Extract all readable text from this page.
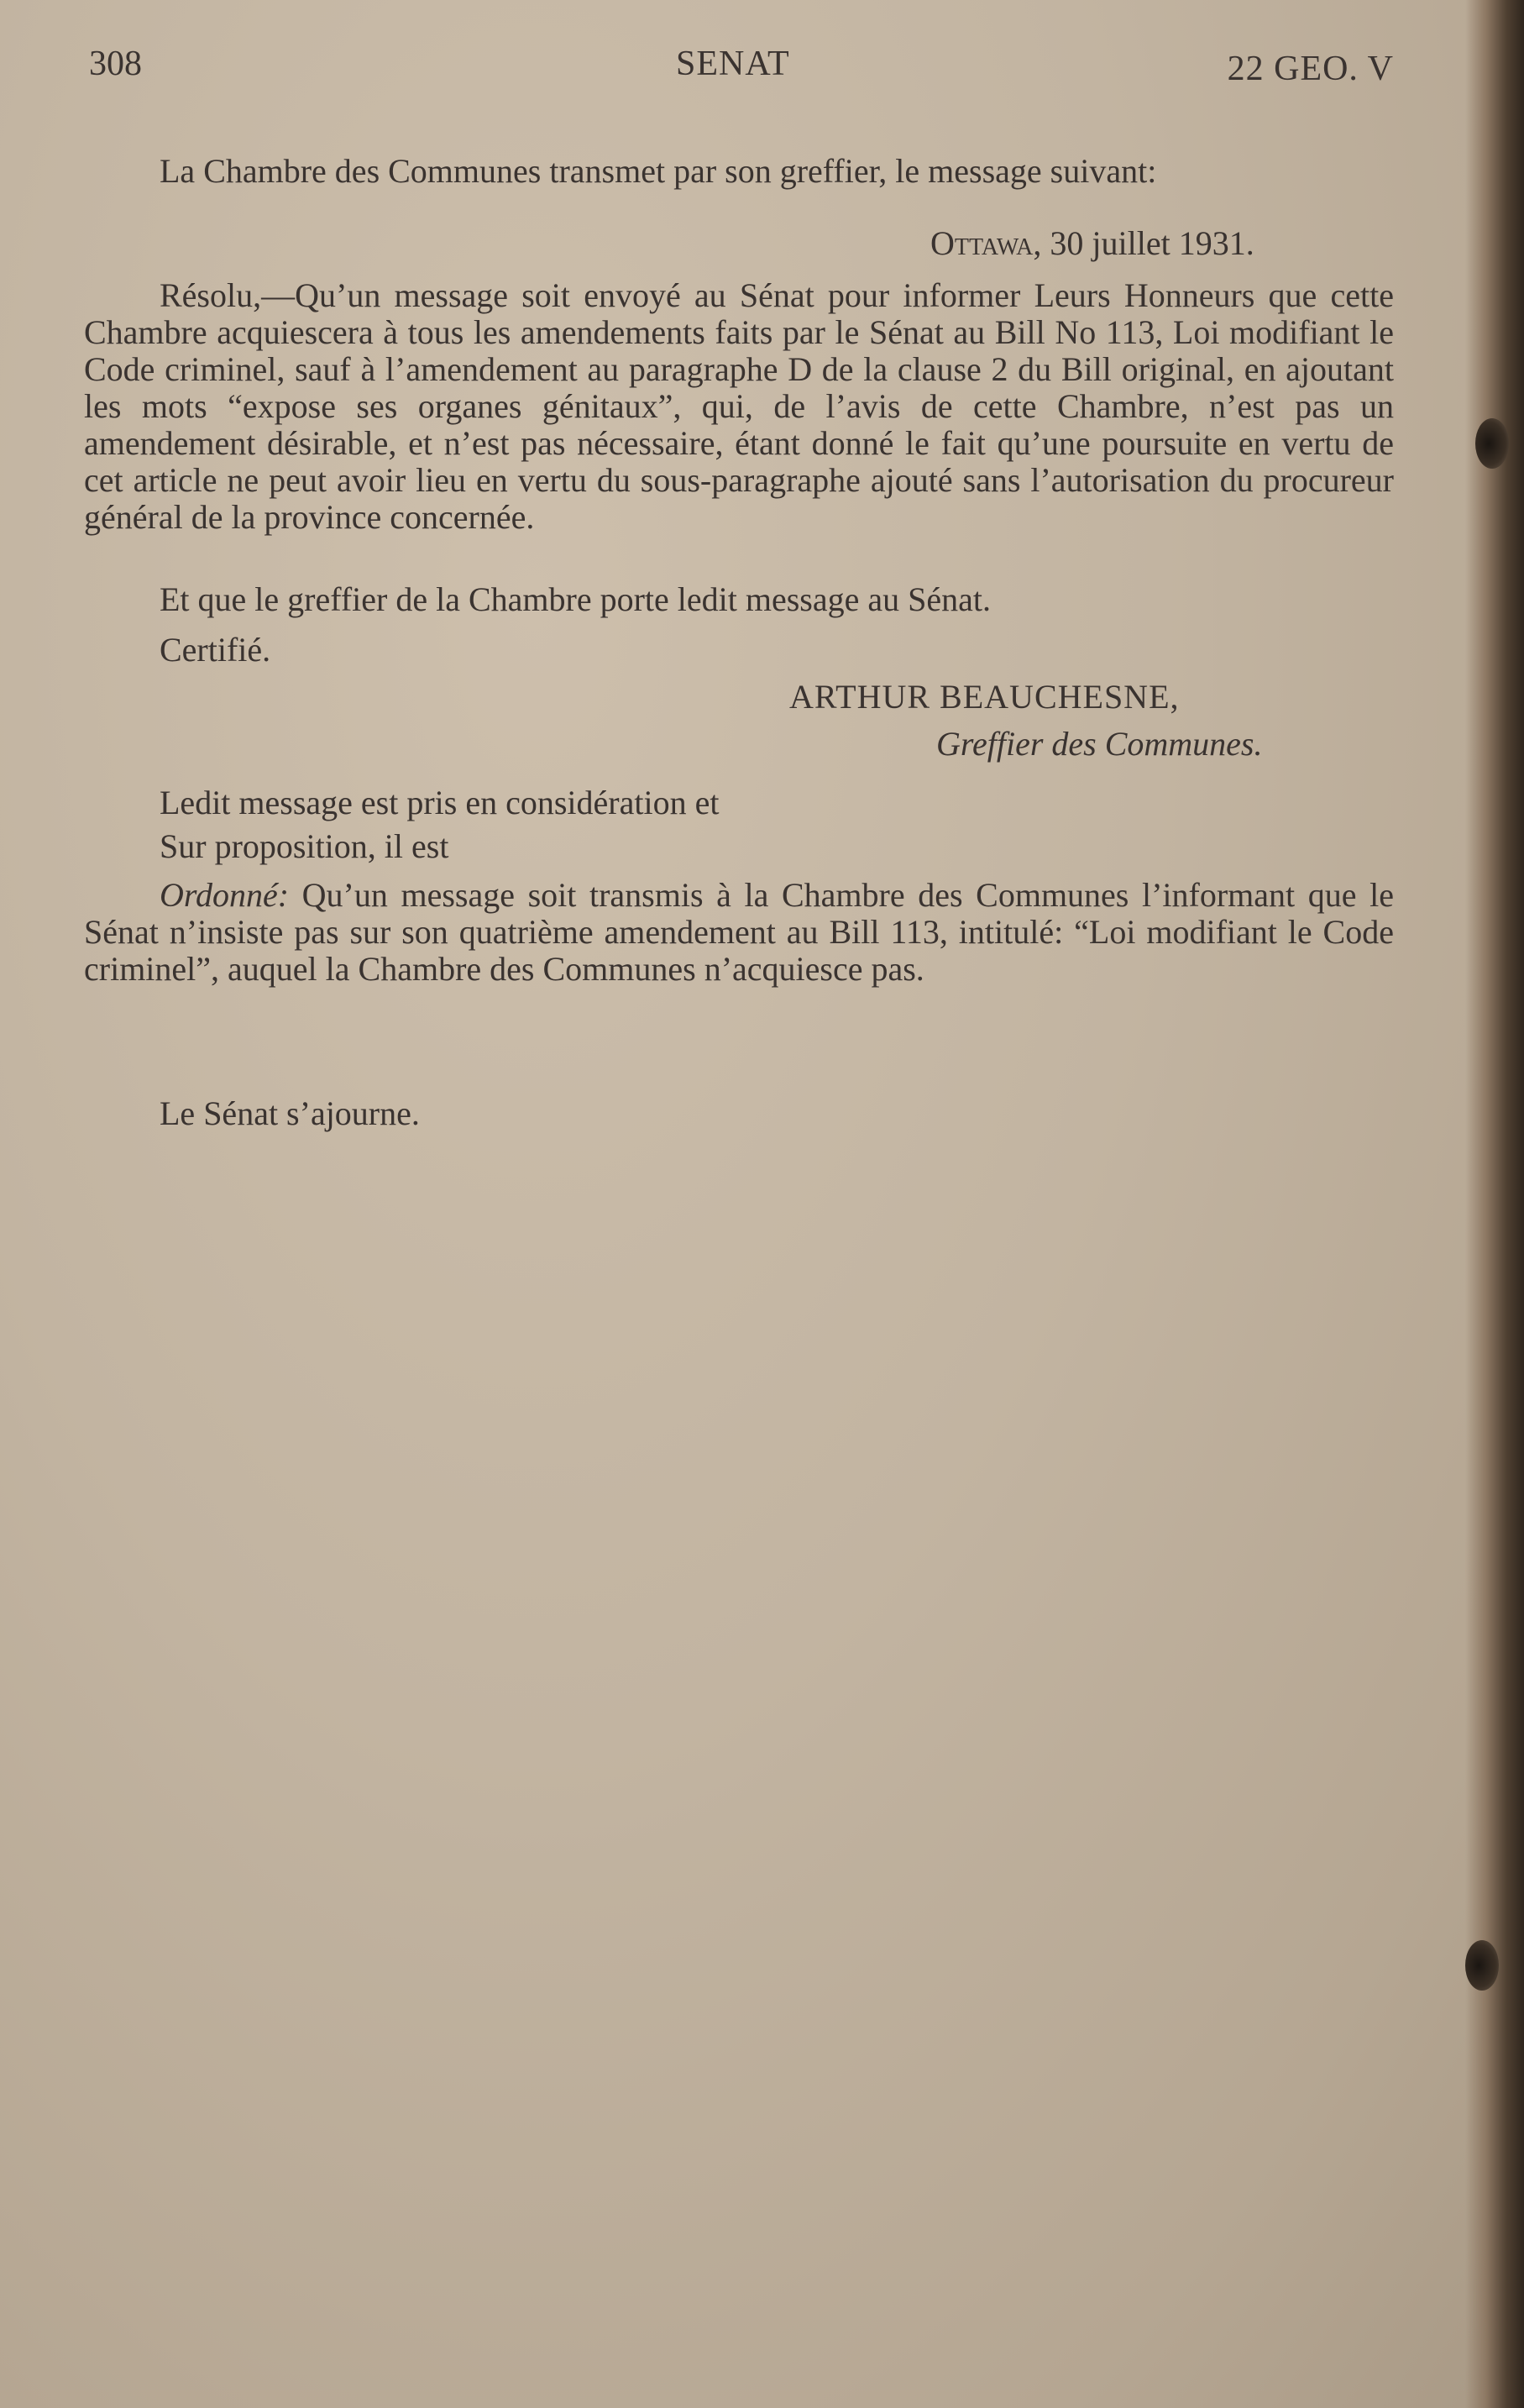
308	SENAT	22 GEO. V
La Chambre des Communes transmet par son greffier, le message suivant:
Ottawa, 30 juillet 1931.
Résolu,—Qu’un message soit envoyé au Sénat pour informer Leurs Honneurs que cette Chambre acquiescera à tous les amendements faits par le Sénat au Bill No 113, Loi modifiant le Code criminel, sauf à l’amendement au paragraphe D de la clause 2 du Bill original, en ajoutant les mots “expose ses organes génitaux”, qui, de l’avis de cette Chambre, n’est pas un amendement désirable, et n’est pas nécessaire, étant donné le fait qu’une poursuite en vertu de cet article ne peut avoir lieu en vertu du sous-paragraphe ajouté sans l’autorisation du procureur général de la province concernée.
Et que le greffier de la Chambre porte ledit message au Sénat.
Certifié.
ARTHUR BEAUCHESNE,
Greffier des Communes.
Ledit message est pris en considération et
Sur proposition, il est
Ordonné: Qu’un message soit transmis à la Chambre des Communes l’informant que le Sénat n’insiste pas sur son quatrième amendement au Bill 113, intitulé: “Loi modifiant le Code criminel”, auquel la Chambre des Communes n’acquiesce pas.
Le Sénat s’ajourne.
